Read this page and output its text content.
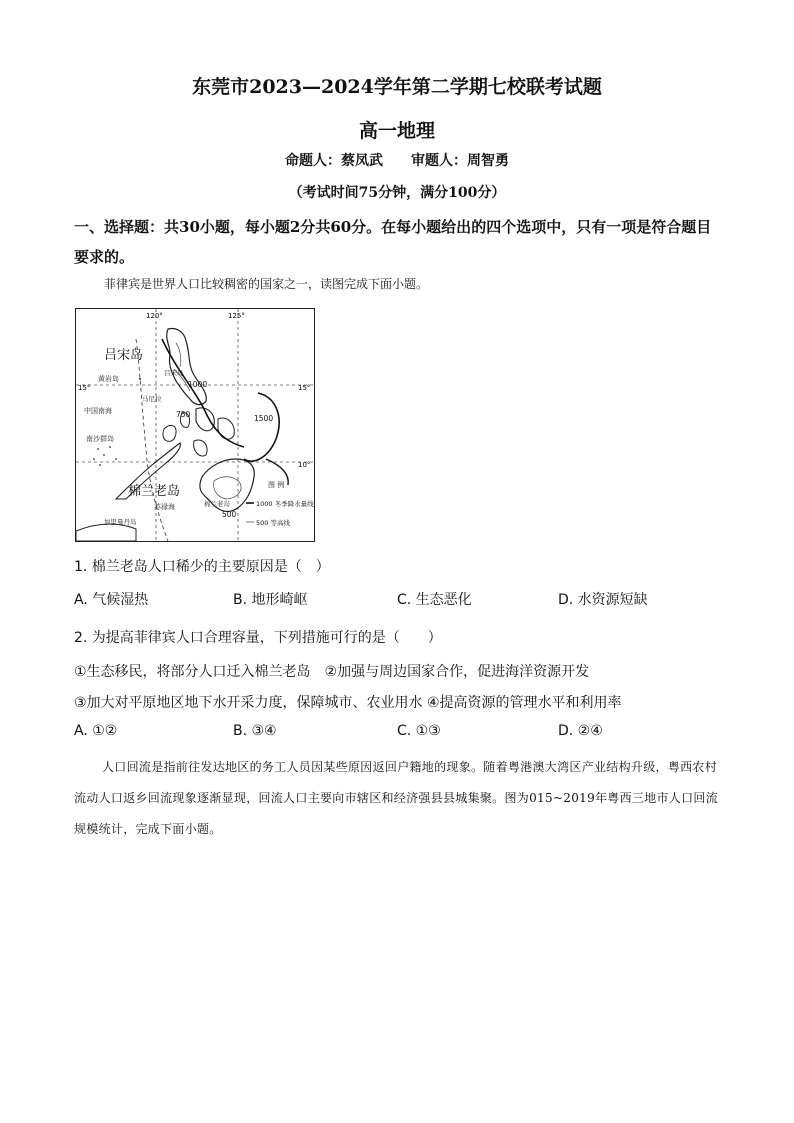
东莞市2023—2024学年第二学期七校联考试题
高一地理
命题人：蔡凤武 审题人：周智勇
（考试时间75分钟，满分100分）
一、选择题：共30小题，每小题2分共60分。在每小题给出的四个选项中，只有一项是符合题目要求的。
菲律宾是世界人口比较稠密的国家之一，读图完成下面小题。
120°	125°
15°	15°
10°
吕宋岛
黄岩岛
中国南海
南沙群岛
棉兰老岛
苏禄海
马尼拉
吕宋岛
棉兰老岛
加里曼丹岛
1000
750	1500
500
图 例
1000 冬季降水量线
500 等高线
1. 棉兰老岛人口稀少的主要原因是（　）
A. 气候湿热	B. 地形崎岖	C. 生态恶化	D. 水资源短缺
2. 为提高菲律宾人口合理容量，下列措施可行的是（　　）
①生态移民，将部分人口迁入棉兰老岛　②加强与周边国家合作，促进海洋资源开发
③加大对平原地区地下水开采力度，保障城市、农业用水 ④提高资源的管理水平和利用率
A. ①②	B. ③④	C. ①③	D. ②④
人口回流是指前往发达地区的务工人员因某些原因返回户籍地的现象。随着粤港澳大湾区产业结构升级，粤西农村流动人口返乡回流现象逐渐显现，回流人口主要向市辖区和经济强县县城集聚。图为015~2019年粤西三地市人口回流规模统计，完成下面小题。
